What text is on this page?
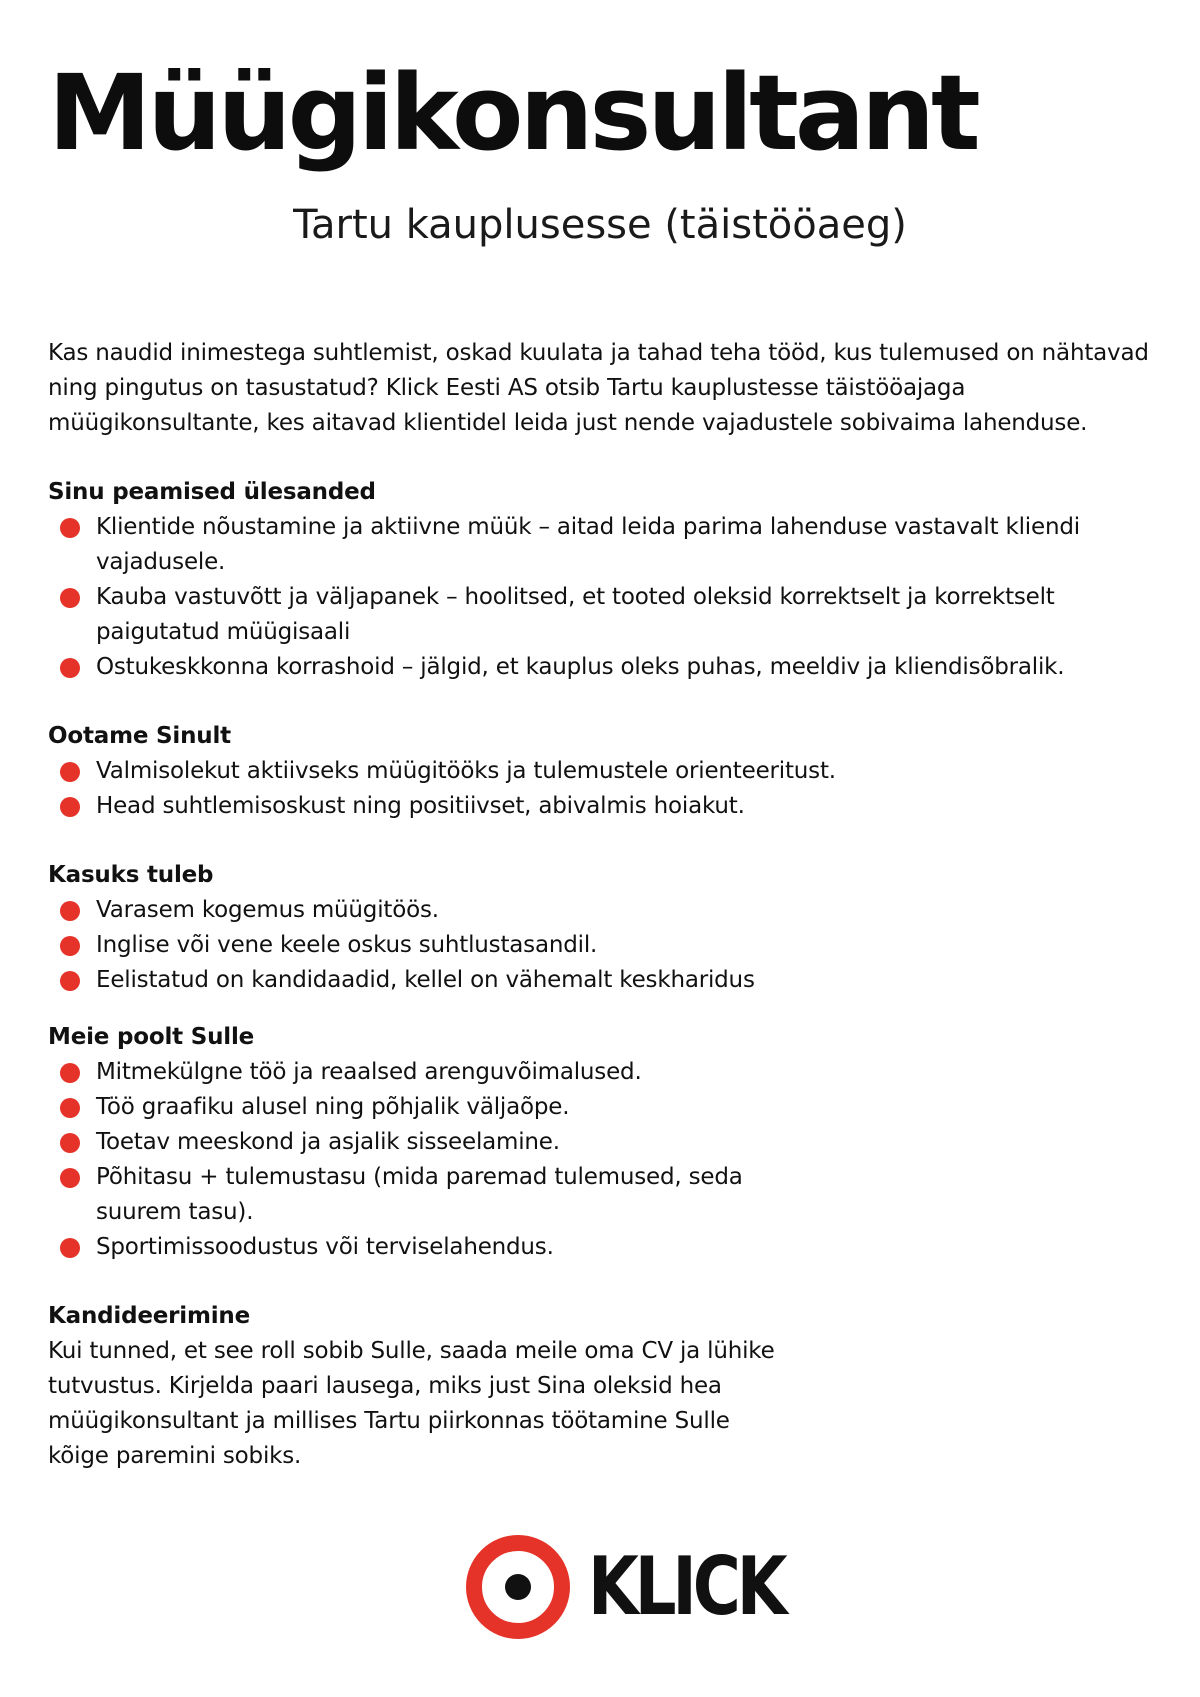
Müügikonsultant
Tartu kauplusesse (täistööaeg)

Kas naudid inimestega suhtlemist, oskad kuulata ja tahad teha tööd, kus tulemused on nähtavad ning pingutus on tasustatud? Klick Eesti AS otsib Tartu kauplustesse täistööajaga müügikonsultante, kes aitavad klientidel leida just nende vajadustele sobivaima lahenduse.

Sinu peamised ülesanded
Klientide nõustamine ja aktiivne müük – aitad leida parima lahenduse vastavalt kliendi vajadusele.
Kauba vastuvõtt ja väljapanek – hoolitsed, et tooted oleksid korrektselt ja korrektselt paigutatud müügisaali
Ostukeskkonna korrashoid – jälgid, et kauplus oleks puhas, meeldiv ja kliendisõbralik.
Ootame Sinult
Valmisolekut aktiivseks müügitööks ja tulemustele orienteeritust.
Head suhtlemisoskust ning positiivset, abivalmis hoiakut.
Kasuks tuleb
Varasem kogemus müügitöös.
Inglise või vene keele oskus suhtlustasandil.
Eelistatud on kandidaadid, kellel on vähemalt keskharidus
Meie poolt Sulle
Mitmekülgne töö ja reaalsed arenguvõimalused.
Töö graafiku alusel ning põhjalik väljaõpe.
Toetav meeskond ja asjalik sisseelamine.
Põhitasu + tulemustasu (mida paremad tulemused, seda suurem tasu).
Sportimissoodustus või terviselahendus.
Kandideerimine

Kui tunned, et see roll sobib Sulle, saada meile oma CV ja lühike tutvustus. Kirjelda paari lausega, miks just Sina oleksid hea müügikonsultant ja millises Tartu piirkonnas töötamine Sulle kõige paremini sobiks.

KLICK
